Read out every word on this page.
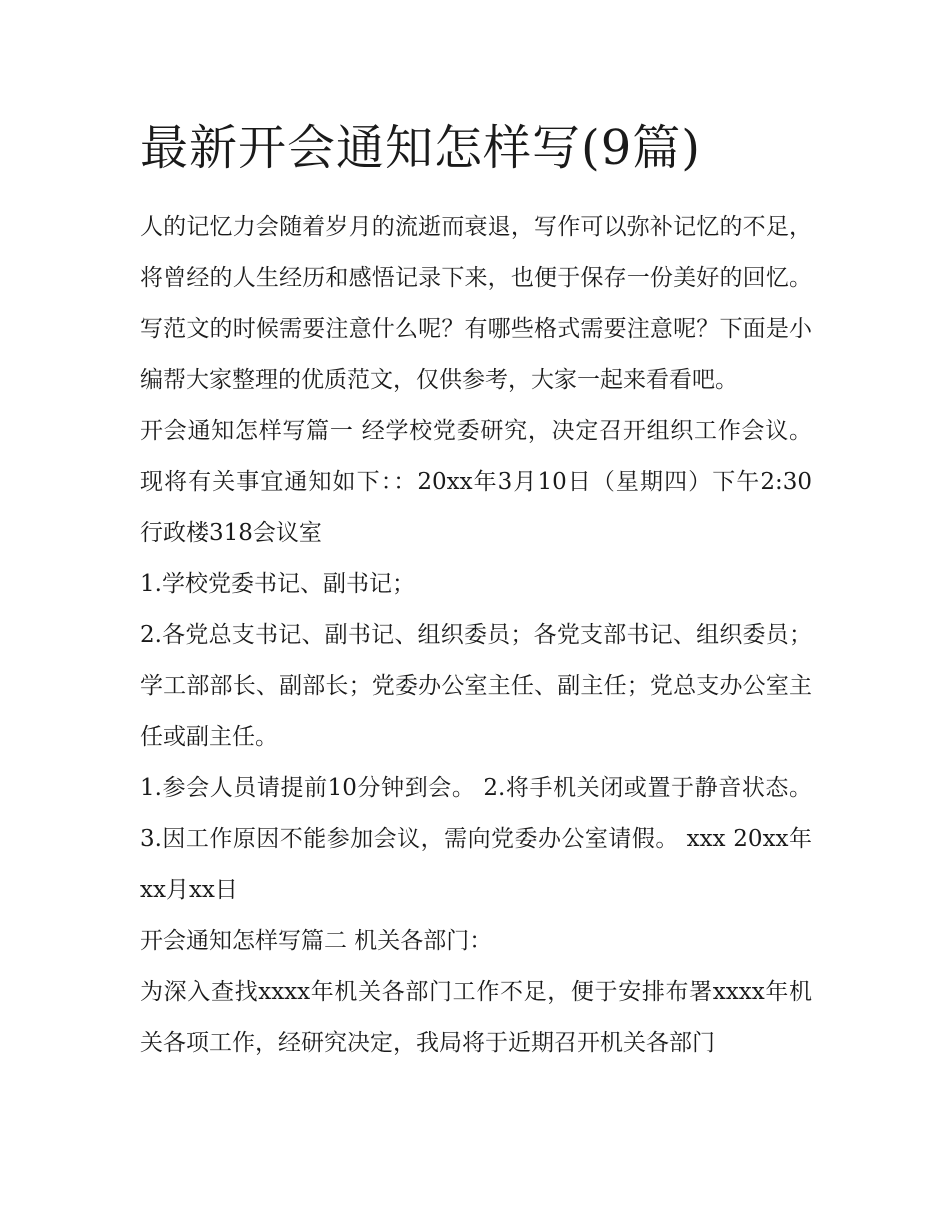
最新开会通知怎样写(9篇)

人的记忆力会随着岁月的流逝而衰退，写作可以弥补记忆的不足，将曾经的人生经历和感悟记录下来，也便于保存一份美好的回忆。写范文的时候需要注意什么呢？有哪些格式需要注意呢？下面是小编帮大家整理的优质范文，仅供参考，大家一起来看看吧。

开会通知怎样写篇一 经学校党委研究，决定召开组织工作会议。现将有关事宜通知如下：：20xx年3月10日（星期四）下午2:30 行政楼318会议室

1.学校党委书记、副书记；

2.各党总支书记、副书记、组织委员；各党支部书记、组织委员；学工部部长、副部长；党委办公室主任、副主任；党总支办公室主任或副主任。

1.参会人员请提前10分钟到会。 2.将手机关闭或置于静音状态。 3.因工作原因不能参加会议，需向党委办公室请假。 xxx 20xx年xx月xx日

开会通知怎样写篇二 机关各部门：

为深入查找xxxx年机关各部门工作不足，便于安排布署xxxx年机关各项工作，经研究决定，我局将于近期召开机关各部门
